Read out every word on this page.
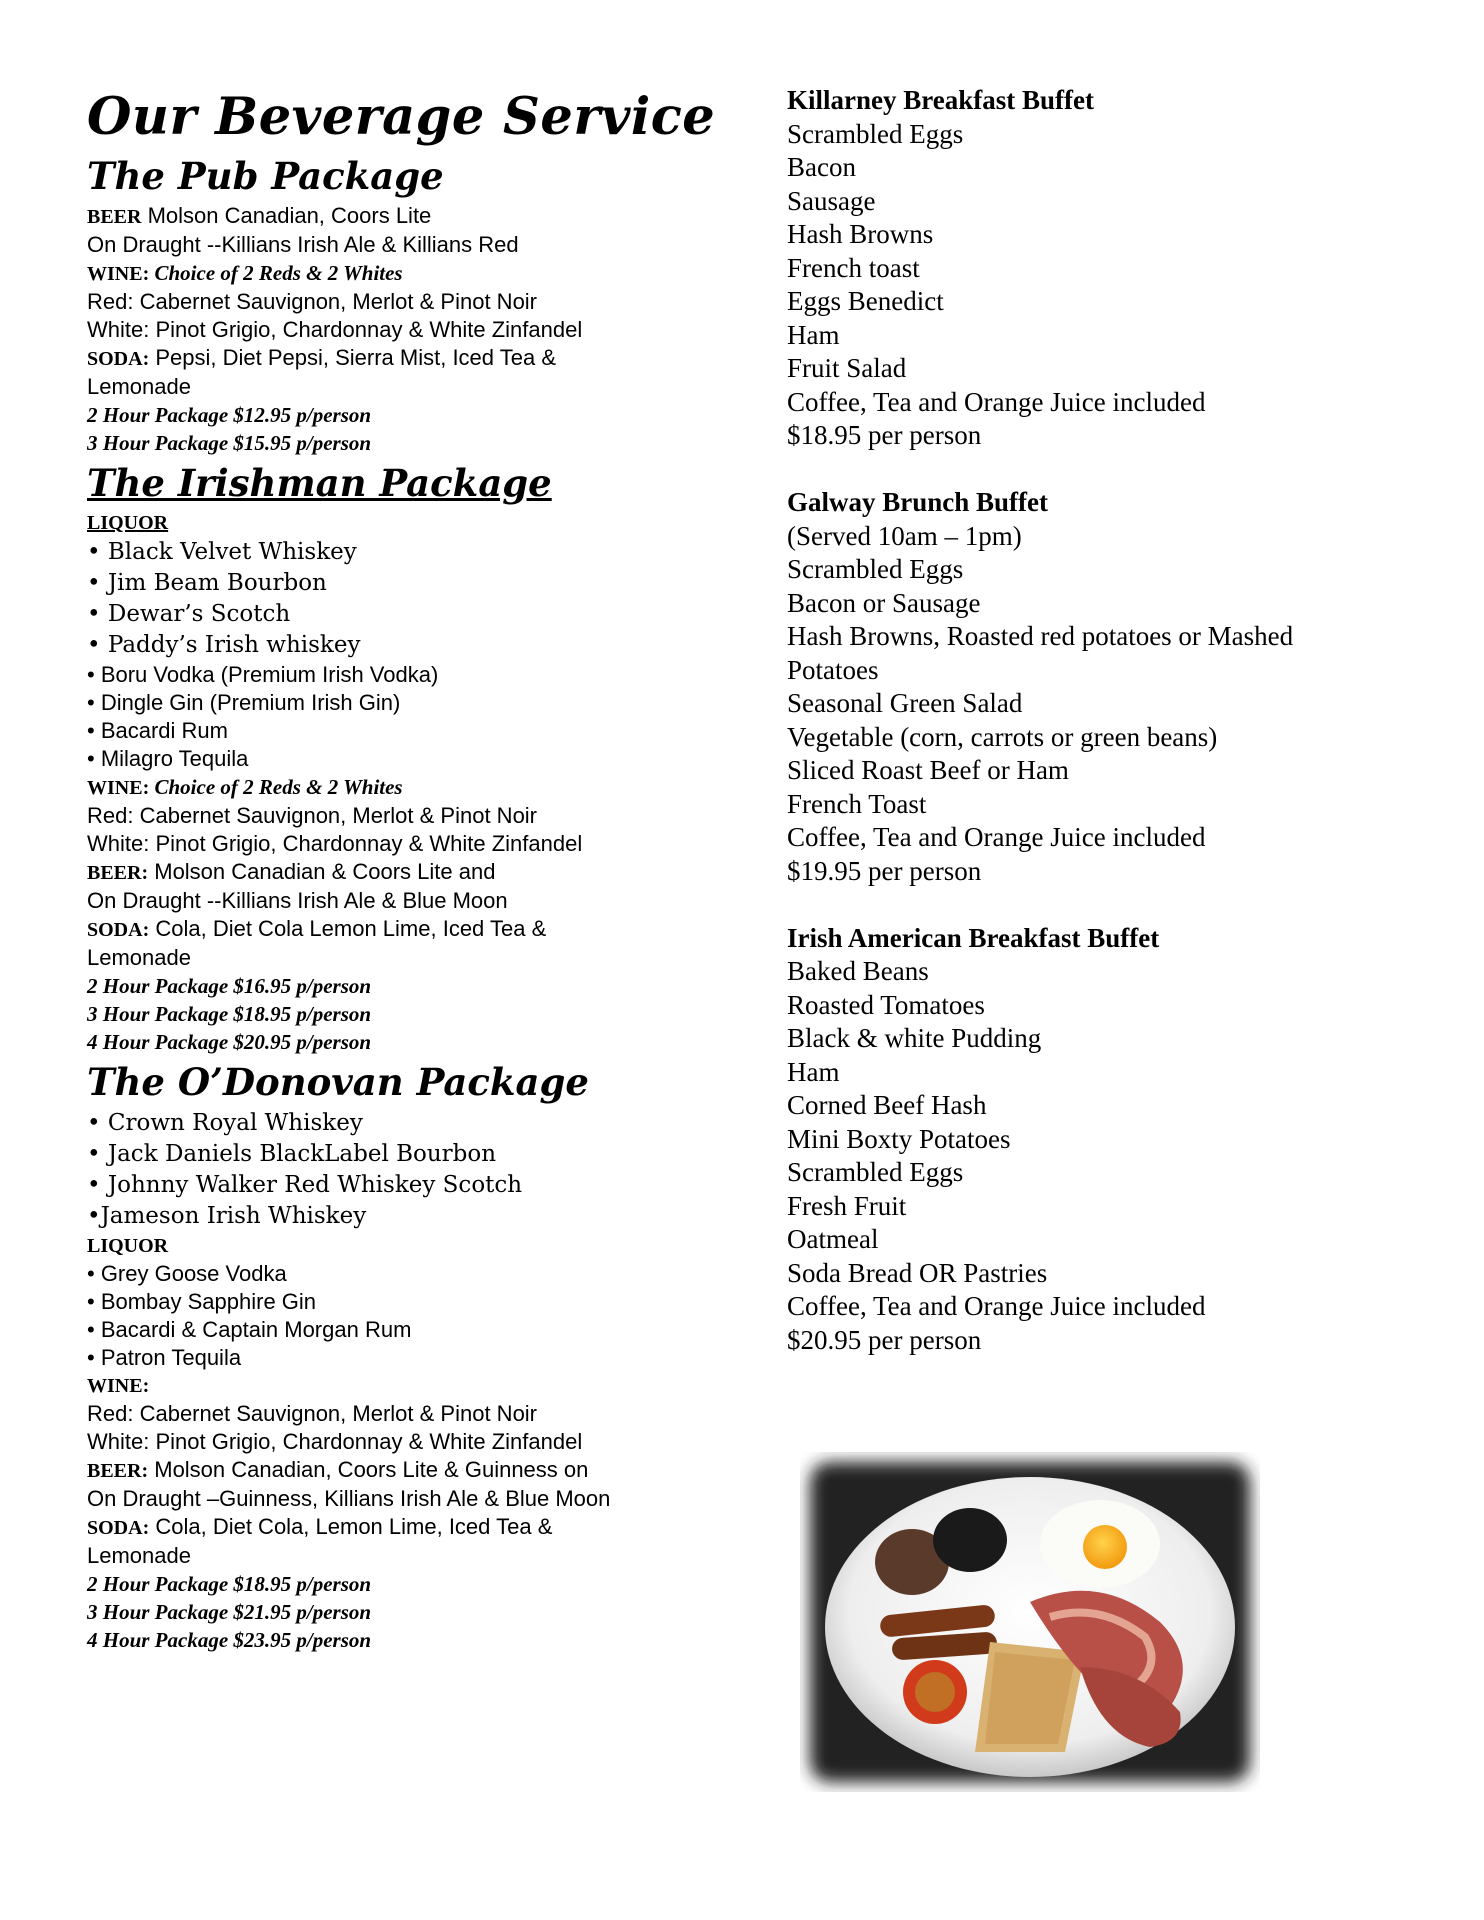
Our Beverage Service
The Pub Package
BEER Molson Canadian, Coors Lite
On Draught --Killians Irish Ale & Killians Red
WINE: Choice of 2 Reds & 2 Whites
Red: Cabernet Sauvignon, Merlot & Pinot Noir
White: Pinot Grigio, Chardonnay & White Zinfandel
SODA: Pepsi, Diet Pepsi, Sierra Mist, Iced Tea &
Lemonade
2 Hour Package $12.95 p/person
3 Hour Package $15.95 p/person
The Irishman Package
LIQUOR
• Black Velvet Whiskey
• Jim Beam Bourbon
• Dewar’s Scotch
• Paddy’s Irish whiskey
• Boru Vodka (Premium Irish Vodka)
• Dingle Gin (Premium Irish Gin)
• Bacardi Rum
• Milagro Tequila
WINE: Choice of 2 Reds & 2 Whites
Red: Cabernet Sauvignon, Merlot & Pinot Noir
White: Pinot Grigio, Chardonnay & White Zinfandel
BEER: Molson Canadian & Coors Lite and
On Draught --Killians Irish Ale & Blue Moon
SODA: Cola, Diet Cola Lemon Lime, Iced Tea &
Lemonade
2 Hour Package $16.95 p/person
3 Hour Package $18.95 p/person
4 Hour Package $20.95 p/person
The O’Donovan Package
• Crown Royal Whiskey
• Jack Daniels BlackLabel Bourbon
• Johnny Walker Red Whiskey Scotch
•Jameson Irish Whiskey
LIQUOR
• Grey Goose Vodka
• Bombay Sapphire Gin
• Bacardi & Captain Morgan Rum
• Patron Tequila
WINE:
Red: Cabernet Sauvignon, Merlot & Pinot Noir
White: Pinot Grigio, Chardonnay & White Zinfandel
BEER: Molson Canadian, Coors Lite & Guinness on
On Draught –Guinness, Killians Irish Ale & Blue Moon
SODA: Cola, Diet Cola, Lemon Lime, Iced Tea &
Lemonade
2 Hour Package $18.95 p/person
3 Hour Package $21.95 p/person
4 Hour Package $23.95 p/person
Killarney Breakfast Buffet
Scrambled Eggs
Bacon
Sausage
Hash Browns
French toast
Eggs Benedict
Ham
Fruit Salad
Coffee, Tea and Orange Juice included
$18.95 per person
Galway Brunch Buffet
(Served 10am – 1pm)
Scrambled Eggs
Bacon or Sausage
Hash Browns, Roasted red potatoes or Mashed
Potatoes
Seasonal Green Salad
Vegetable (corn, carrots or green beans)
Sliced Roast Beef or Ham
French Toast
Coffee, Tea and Orange Juice included
$19.95 per person
Irish American Breakfast Buffet
Baked Beans
Roasted Tomatoes
Black & white Pudding
Ham
Corned Beef Hash
Mini Boxty Potatoes
Scrambled Eggs
Fresh Fruit
Oatmeal
Soda Bread OR Pastries
Coffee, Tea and Orange Juice included
$20.95 per person
